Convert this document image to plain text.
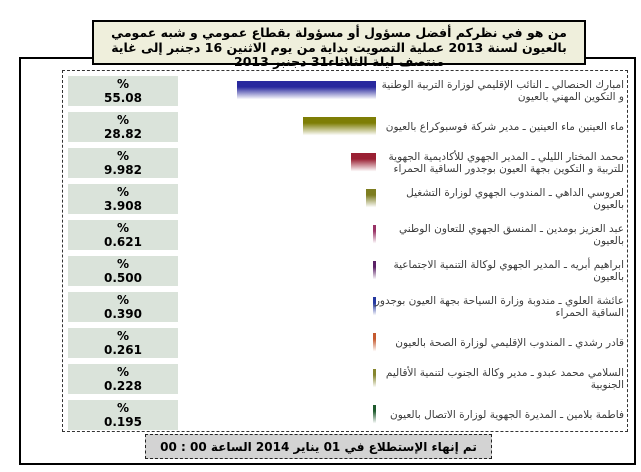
من هو في نظركم أفضل مسؤول أو مسؤولة بقطاع عمومي و شبه عمومي
بالعيون لسنة 2013 عملية التصويت بداية من يوم الاثنين 16 دجنبر إلى غاية
منتصف ليلة الثلاثاء31 دجنبر 2013
%
55.08
امبارك الحنصالي ـ النائب الإقليمي لوزارة التربية الوطنية و التكوين المهني بالعيون
%
28.82
ماء العينين ماء العينين ـ مدير شركة فوسبوكراع بالعيون
%
9.982
محمد المختار الليلي ـ المدير الجهوي للأكاديمية الجهوية للتربية و التكوين بجهة العيون بوجدور الساقية الحمراء
%
3.908
لعروسي الداهي ـ المندوب الجهوي لوزارة التشغيل بالعيون
%
0.621
عبد العزيز بومدين ـ المنسق الجهوي للتعاون الوطني بالعيون
%
0.500
ابراهيم أبريه ـ المدير الجهوي لوكالة التنمية الاجتماعية بالعيون
%
0.390
عائشة العلوي ـ مندوبة وزارة السياحة بجهة العيون بوجدور الساقية الحمراء
%
0.261
قادر رشدي ـ المندوب الإقليمي لوزارة الصحة بالعيون
%
0.228
السلامي محمد عبدو ـ مدير وكالة الجنوب لتنمية الأقاليم الجنوبية
%
0.195
فاطمة بلامين ـ المديرة الجهوية لوزارة الاتصال بالعيون
تم إنهاء الإستطلاع في 01 يناير 2014 الساعة 00 : 00
